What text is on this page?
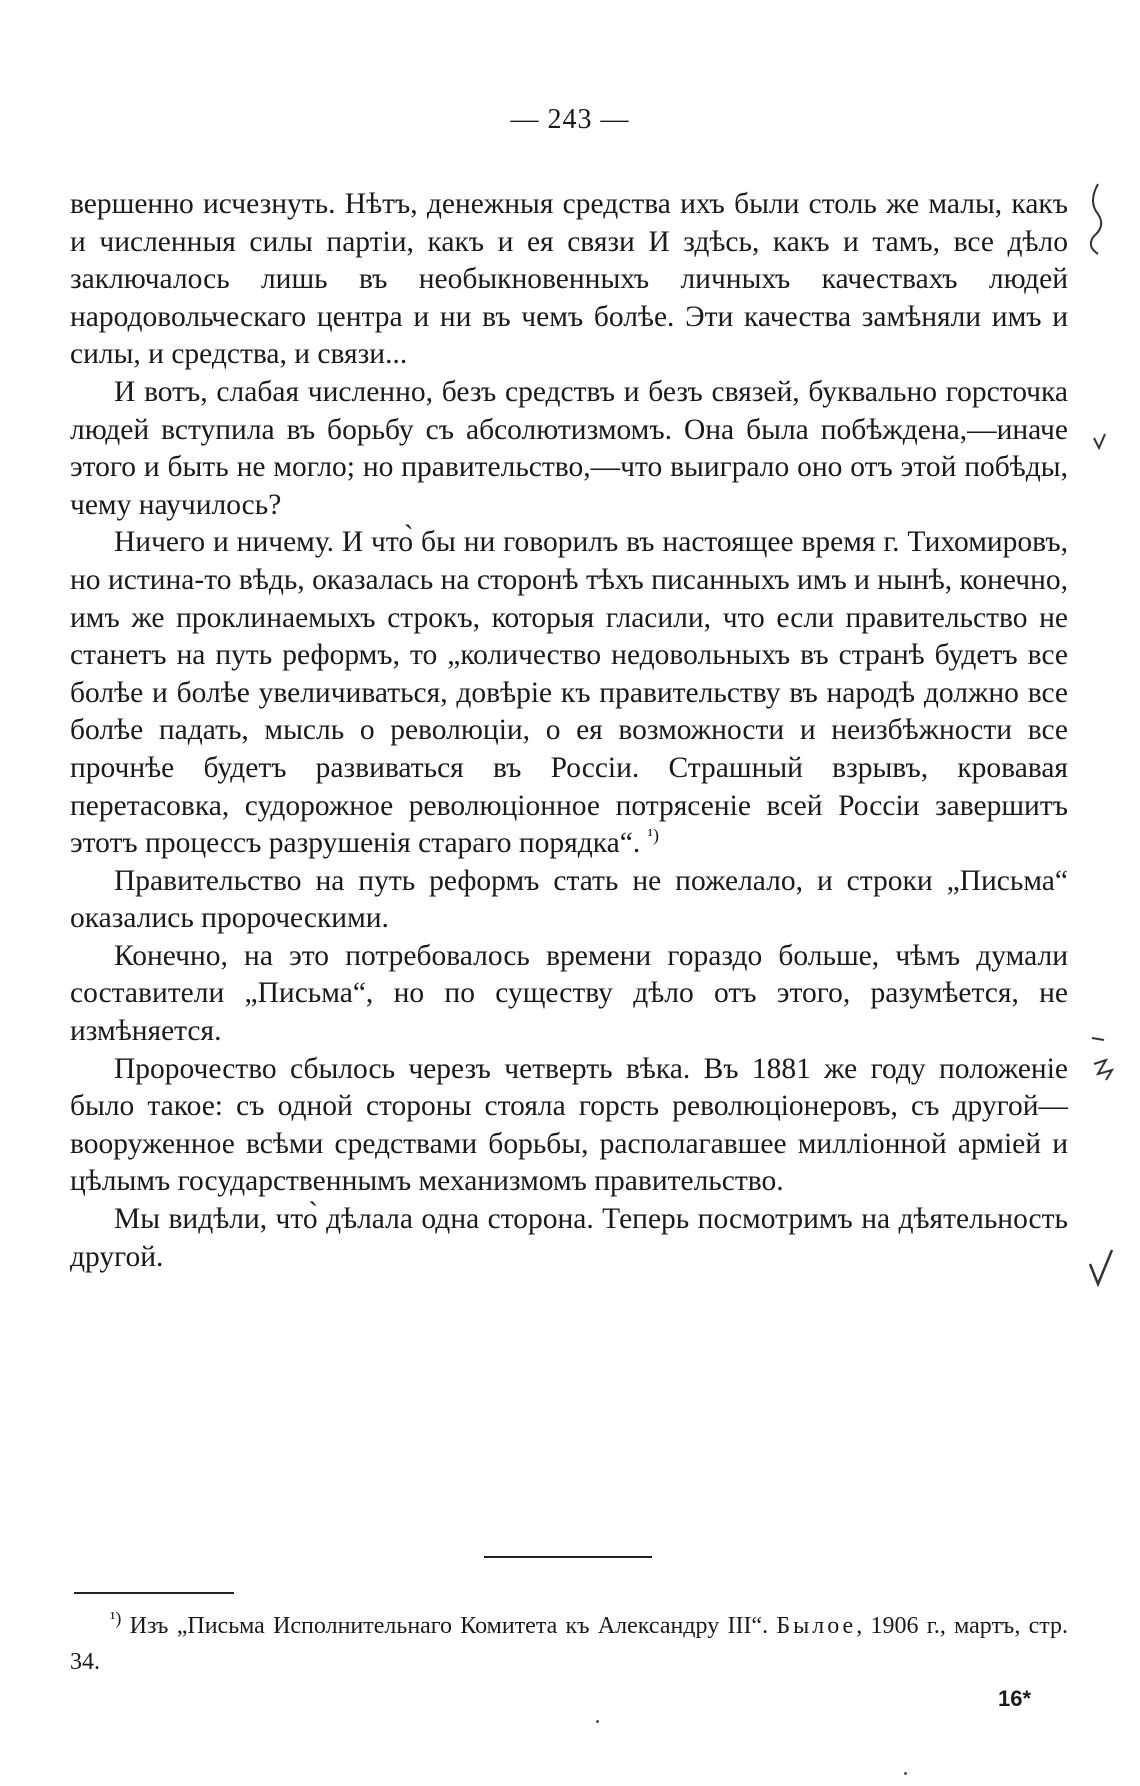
— 243 —

вершенно исчезнуть. Нѣтъ, денежныя средства ихъ были столь же малы, какъ и численныя силы партіи, какъ и ея связи И здѣсь, какъ и тамъ, все дѣло заключалось лишь въ необыкновенныхъ личныхъ качествахъ людей народовольческаго центра и ни въ чемъ болѣе. Эти качества замѣняли имъ и силы, и средства, и связи...

И вотъ, слабая численно, безъ средствъ и безъ связей, буквально горсточка людей вступила въ борьбу съ абсолютизмомъ. Она была побѣждена,—иначе этого и быть не могло; но правительство,—что выиграло оно отъ этой побѣды, чему научилось?

Ничего и ничему. И что̀ бы ни говорилъ въ настоящее время г. Тихомировъ, но истина-то вѣдь, оказалась на сторонѣ тѣхъ писанныхъ имъ и нынѣ, конечно, имъ же проклинаемыхъ строкъ, которыя гласили, что если правительство не станетъ на путь реформъ, то „количество недовольныхъ въ странѣ будетъ все болѣе и болѣе увеличиваться, довѣріе къ правительству въ народѣ должно все болѣе падать, мысль о революціи, о ея возможности и неизбѣжности все прочнѣе будетъ развиваться въ Россіи. Страшный взрывъ, кровавая перетасовка, судорожное революціонное потрясеніе всей Россіи завершитъ этотъ процессъ разрушенія стараго порядка“. $^{^1)}$

Правительство на путь реформъ стать не пожелало, и строки „Письма“ оказались пророческими.

Конечно, на это потребовалось времени гораздо больше, чѣмъ думали составители „Письма“, но по существу дѣло отъ этого, разумѣется, не измѣняется.

Пророчество сбылось черезъ четверть вѣка. Въ 1881 же году положеніе было такое: съ одной стороны стояла горсть революціонеровъ, съ другой—вооруженное всѣми средствами борьбы, располагавшее милліонной арміей и цѣлымъ государственнымъ механизмомъ правительство.

Мы видѣли, что̀ дѣлала одна сторона. Теперь посмотримъ на дѣятельность другой.

$^{^1)}$ Изъ „Письма Исполнительнаго Комитета къ Александру III“. Былое, 1906 г., мартъ, стр. 34.

16*
